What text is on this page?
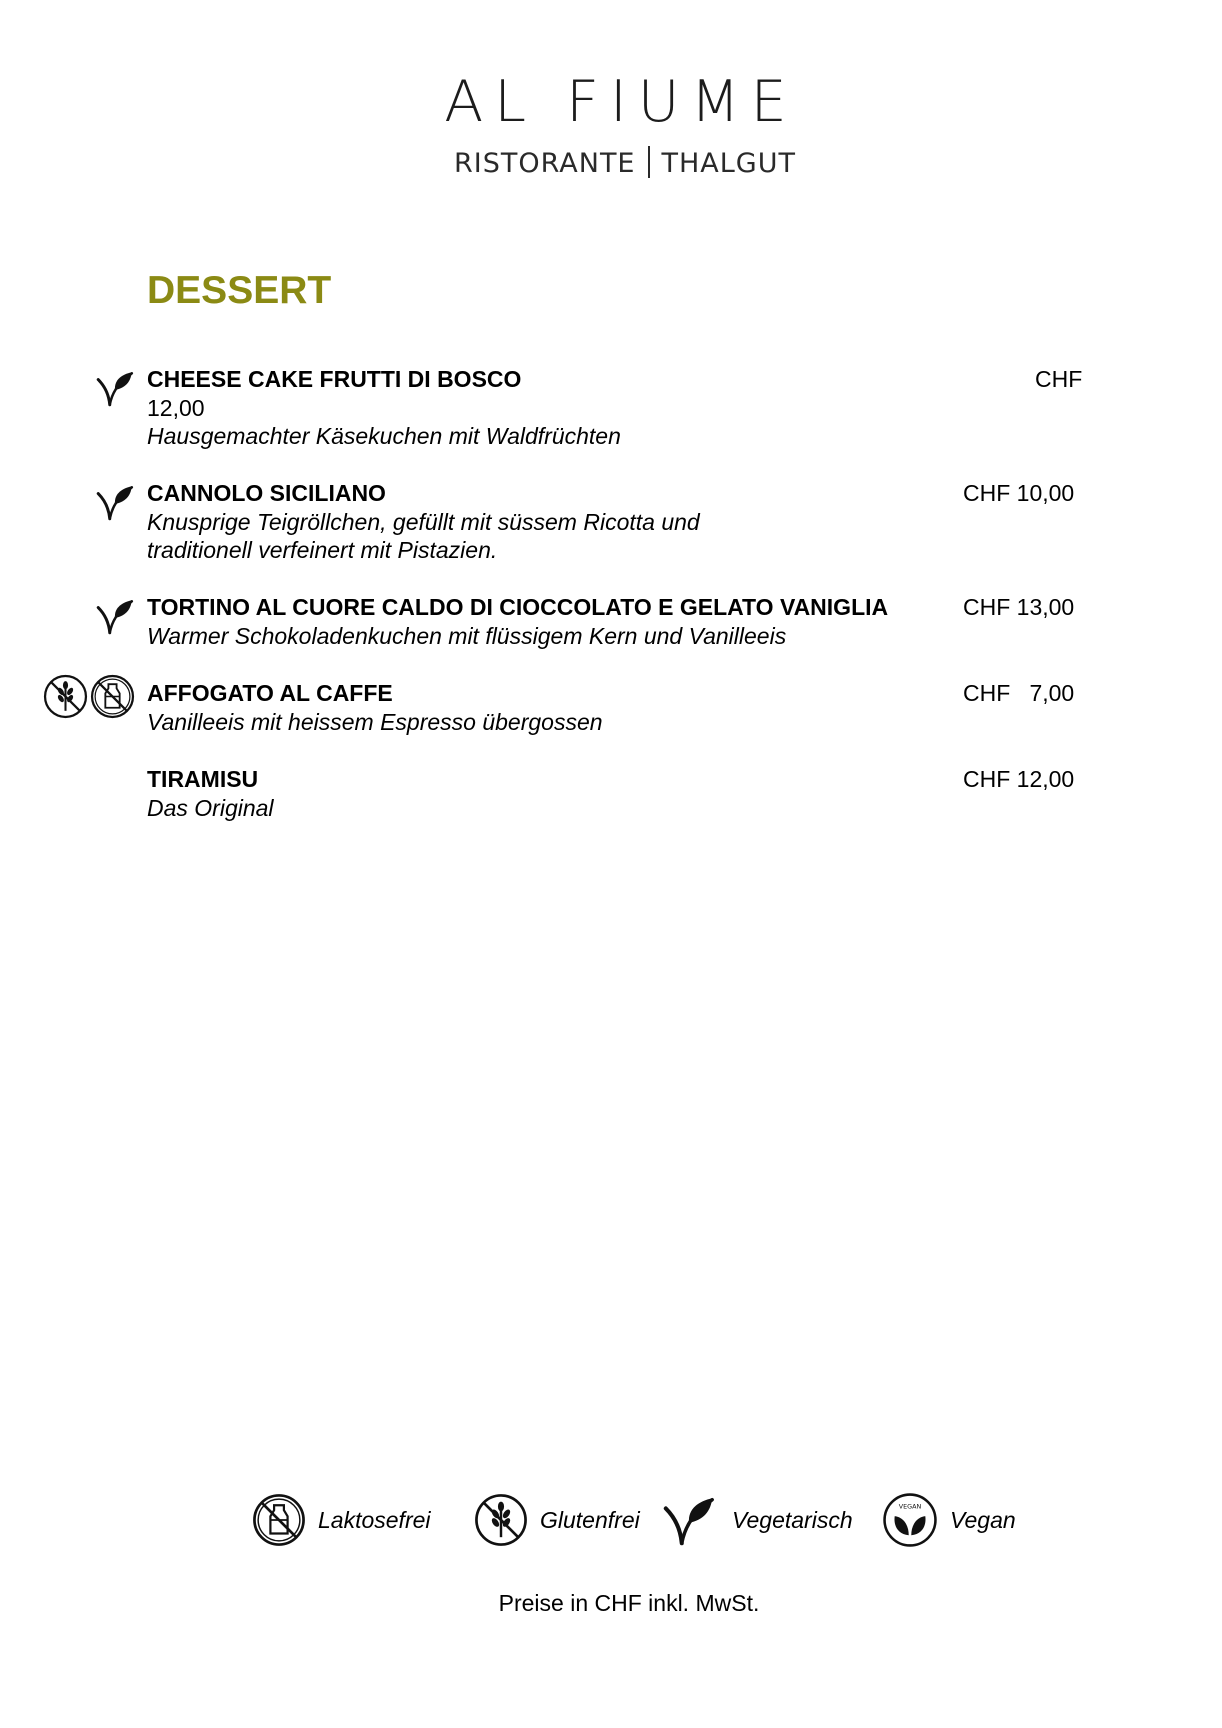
AL FIUME
RISTORANTE THALGUT
DESSERT
CHEESE CAKE FRUTTI DI BOSCO	CHF
12,00
Hausgemachter Käsekuchen mit Waldfrüchten
CANNOLO SICILIANO	CHF 10,00
Knusprige Teigröllchen, gefüllt mit süssem Ricotta und
traditionell verfeinert mit Pistazien.
TORTINO AL CUORE CALDO DI CIOCCOLATO E GELATO VANIGLIA	CHF 13,00
Warmer Schokoladenkuchen mit flüssigem Kern und Vanilleeis
AFFOGATO AL CAFFE	CHF   7,00
Vanilleeis mit heissem Espresso übergossen
TIRAMISU	CHF 12,00
Das Original
Laktosefrei	Glutenfrei	Vegetarisch	VEGAN Vegan
Preise in CHF inkl. MwSt.
